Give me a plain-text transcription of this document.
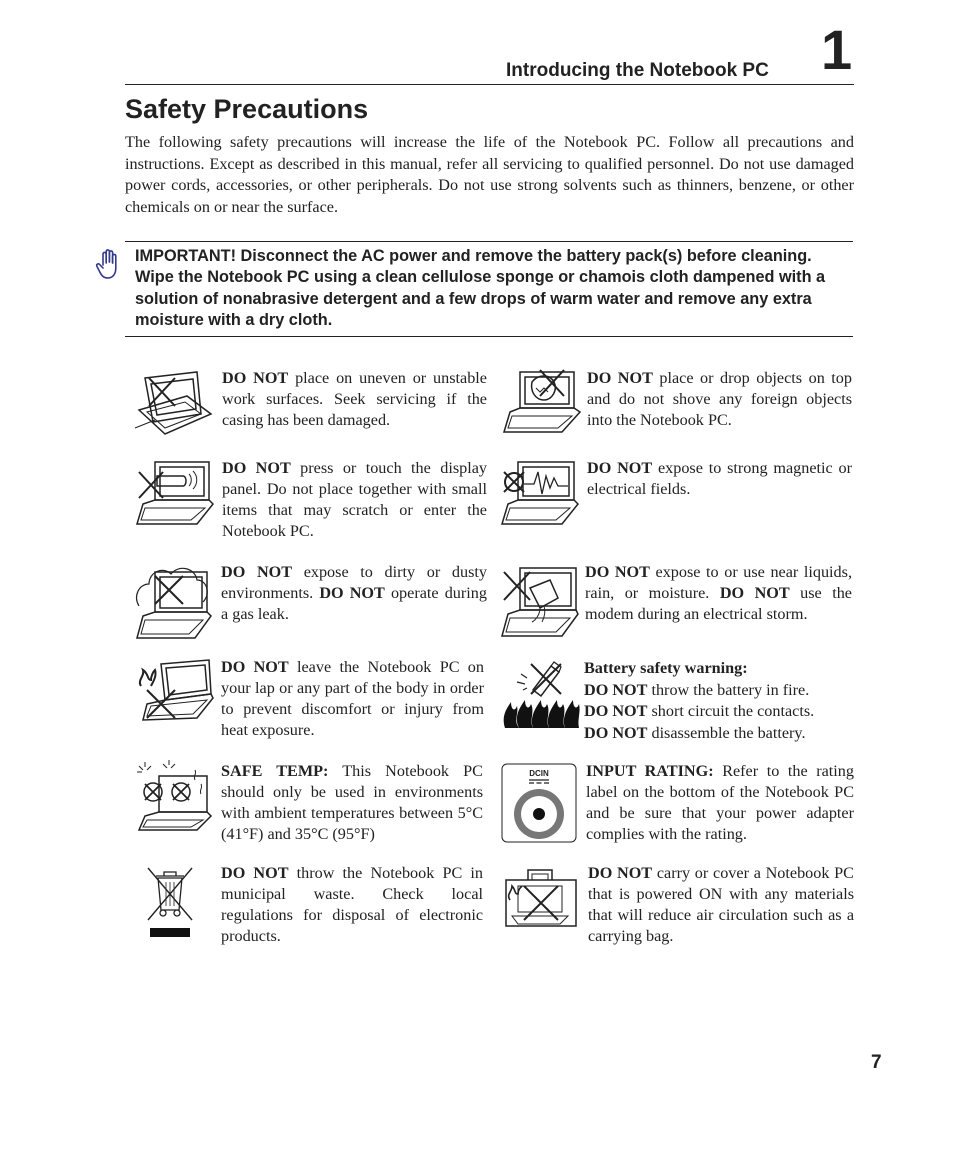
Introducing the Notebook PC 1
Safety Precautions

The following safety precautions will increase the life of the Notebook PC. Follow all precautions and instructions. Except as described in this manual, refer all servicing to qualified personnel. Do not use damaged power cords, accessories, or other peripherals. Do not use strong solvents such as thinners, benzene, or other chemicals on or near the surface.

IMPORTANT! Disconnect the AC power and remove the battery pack(s) before cleaning. Wipe the Notebook PC using a clean cellulose sponge or chamois cloth dampened with a solution of nonabrasive detergent and a few drops of warm water and remove any extra moisture with a dry cloth.

DO NOT place on uneven or unstable work surfaces. Seek servicing if the casing has been damaged.

DO NOT place or drop objects on top and do not shove any foreign objects into the Notebook PC.

DO NOT press or touch the display panel. Do not place together with small items that may scratch or enter the Notebook PC.

DO NOT expose to strong magnetic or electrical fields.

DO NOT expose to dirty or dusty environments. DO NOT operate during a gas leak.

DO NOT expose to or use near liquids, rain, or moisture. DO NOT use the modem during an electrical storm.

DO NOT leave the Notebook PC on your lap or any part of the body in order to prevent discomfort or injury from heat exposure.

Battery safety warning:
DO NOT throw the battery in fire.
DO NOT short circuit the contacts.
DO NOT disassemble the battery.

SAFE TEMP: This Notebook PC should only be used in environments with ambient temperatures between 5°C (41°F) and 35°C (95°F)

DCIN INPUT RATING: Refer to the rating label on the bottom of the Notebook PC and be sure that your power adapter complies with the rating.

DO NOT throw the Notebook PC in municipal waste. Check local regulations for disposal of electronic products.

DO NOT carry or cover a Notebook PC that is powered ON with any materials that will reduce air circulation such as a carrying bag.

7
